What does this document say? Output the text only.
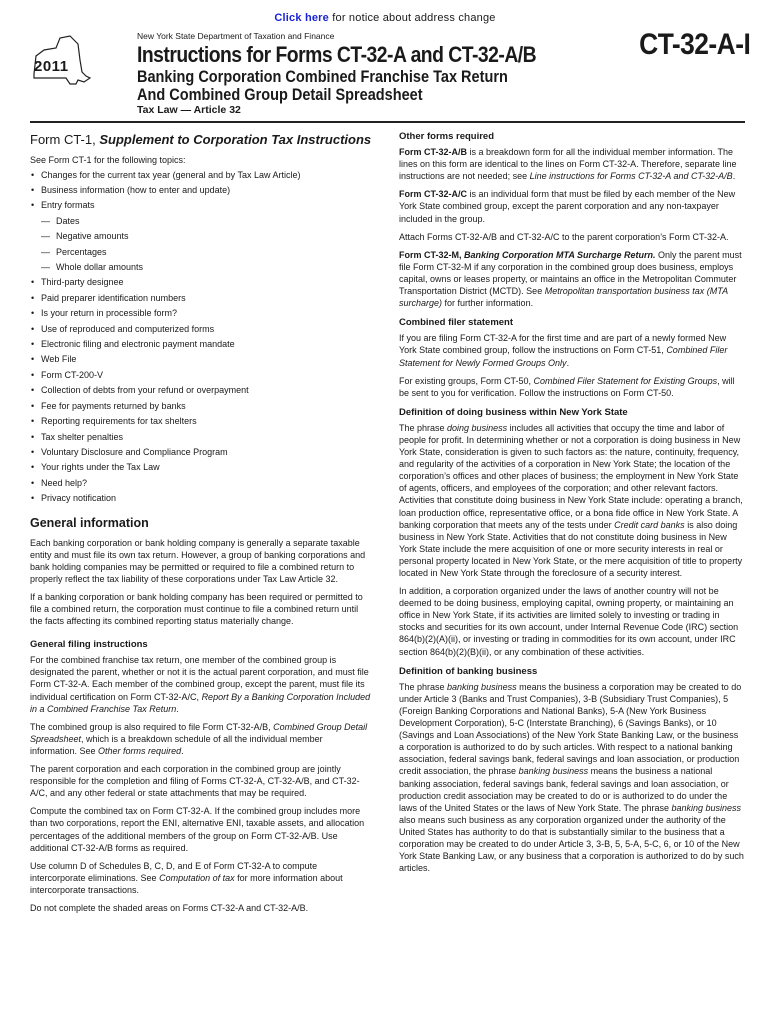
Click here for notice about address change
2011
New York State Department of Taxation and Finance
Instructions for Forms CT-32-A and CT-32-A/B	CT-32-A-I
Banking Corporation Combined Franchise Tax Return
And Combined Group Detail Spreadsheet
Tax Law — Article 32
Form CT-1, Supplement to Corporation Tax Instructions

See Form CT-1 for the following topics:

• Changes for the current tax year (general and by Tax Law Article)
• Business information (how to enter and update)
• Entry formats
— Dates
— Negative amounts
— Percentages
— Whole dollar amounts
• Third-party designee
• Paid preparer identification numbers
• Is your return in processible form?
• Use of reproduced and computerized forms
• Electronic filing and electronic payment mandate
• Web File
• Form CT-200-V
• Collection of debts from your refund or overpayment
• Fee for payments returned by banks
• Reporting requirements for tax shelters
• Tax shelter penalties
• Voluntary Disclosure and Compliance Program
• Your rights under the Tax Law
• Need help?
• Privacy notification
General information

Each banking corporation or bank holding company is generally a separate taxable entity and must file its own tax return. However, a group of banking corporations and bank holding companies may be permitted or required to file a combined return to properly reflect the tax liability of these corporations under Tax Law Article 32.

If a banking corporation or bank holding company has been required or permitted to file a combined return, the corporation must continue to file a combined return until the facts affecting its combined reporting status materially change.

General filing instructions

For the combined franchise tax return, one member of the combined group is designated the parent, whether or not it is the actual parent corporation, and must file Form CT-32-A. Each member of the combined group, except the parent, must file its individual certification on Form CT-32-A/C, Report By a Banking Corporation Included in a Combined Franchise Tax Return.

The combined group is also required to file Form CT-32-A/B, Combined Group Detail Spreadsheet, which is a breakdown schedule of all the individual member information. See Other forms required.

The parent corporation and each corporation in the combined group are jointly responsible for the completion and filing of Forms CT-32-A, CT-32-A/B, and CT-32-A/C, and any other federal or state attachments that may be required.

Compute the combined tax on Form CT-32-A. If the combined group includes more than two corporations, report the ENI, alternative ENI, taxable assets, and allocation percentages of the additional members of the group on Form CT-32-A/B. Use additional CT-32-A/B forms as required.

Use column D of Schedules B, C, D, and E of Form CT-32-A to compute intercorporate eliminations. See Computation of tax for more information about intercorporate transactions.

Do not complete the shaded areas on Forms CT-32-A and CT-32-A/B.

Other forms required

Form CT-32-A/B is a breakdown form for all the individual member information. The lines on this form are identical to the lines on Form CT-32-A. Therefore, separate line instructions are not needed; see Line instructions for Forms CT-32-A and CT-32-A/B.

Form CT-32-A/C is an individual form that must be filed by each member of the New York State combined group, except the parent corporation and any non-taxpayer included in the group.

Attach Forms CT-32-A/B and CT-32-A/C to the parent corporation’s Form CT-32-A.

Form CT-32-M, Banking Corporation MTA Surcharge Return. Only the parent must file Form CT-32-M if any corporation in the combined group does business, employs capital, owns or leases property, or maintains an office in the Metropolitan Commuter Transportation District (MCTD). See Metropolitan transportation business tax (MTA surcharge) for further information.

Combined filer statement

If you are filing Form CT-32-A for the first time and are part of a newly formed New York State combined group, follow the instructions on Form CT-51, Combined Filer Statement for Newly Formed Groups Only.

For existing groups, Form CT-50, Combined Filer Statement for Existing Groups, will be sent to you for verification. Follow the instructions on Form CT-50.

Definition of doing business within New York State

The phrase doing business includes all activities that occupy the time and labor of people for profit. In determining whether or not a corporation is doing business in New York State, consideration is given to such factors as: the nature, continuity, frequency, and regularity of the activities of a corporation in New York State; the location of the corporation’s offices and other places of business; the employment in New York State of agents, officers, and employees of the corporation; and other relevant factors. Activities that constitute doing business in New York State include: operating a branch, loan production office, representative office, or a bona fide office in New York State. A banking corporation that meets any of the tests under Credit card banks is also doing business in New York State. Activities that do not constitute doing business in New York State include the mere acquisition of one or more security interests in real or personal property located in New York State, or the mere acquisition of title to property located in New York State through the foreclosure of a security interest.

In addition, a corporation organized under the laws of another country will not be deemed to be doing business, employing capital, owning property, or maintaining an office in New York State, if its activities are limited solely to investing or trading in stocks and securities for its own account, under Internal Revenue Code (IRC) section 864(b)(2)(A)(ii), or investing or trading in commodities for its own account, under IRC section 864(b)(2)(B)(ii), or any combination of these activities.

Definition of banking business

The phrase banking business means the business a corporation may be created to do under Article 3 (Banks and Trust Companies), 3-B (Subsidiary Trust Companies), 5 (Foreign Banking Corporations and National Banks), 5-A (New York Business Development Corporation), 5-C (Interstate Branching), 6 (Savings Banks), or 10 (Savings and Loan Associations) of the New York State Banking Law, or the business a corporation is authorized to do by such articles. With respect to a national banking association, federal savings bank, federal savings and loan association, or production credit association, the phrase banking business means the business a national banking association, federal savings bank, federal savings and loan association, or production credit association may be created to do or is authorized to do under the laws of the United States or the laws of New York State. The phrase banking business also means such business as any corporation organized under the authority of the United States has authority to do that is substantially similar to the business that a corporation may be created to do under Article 3, 3-B, 5, 5-A, 5-C, 6, or 10 of the New York State Banking Law, or any business that a corporation is authorized to do by such articles.
